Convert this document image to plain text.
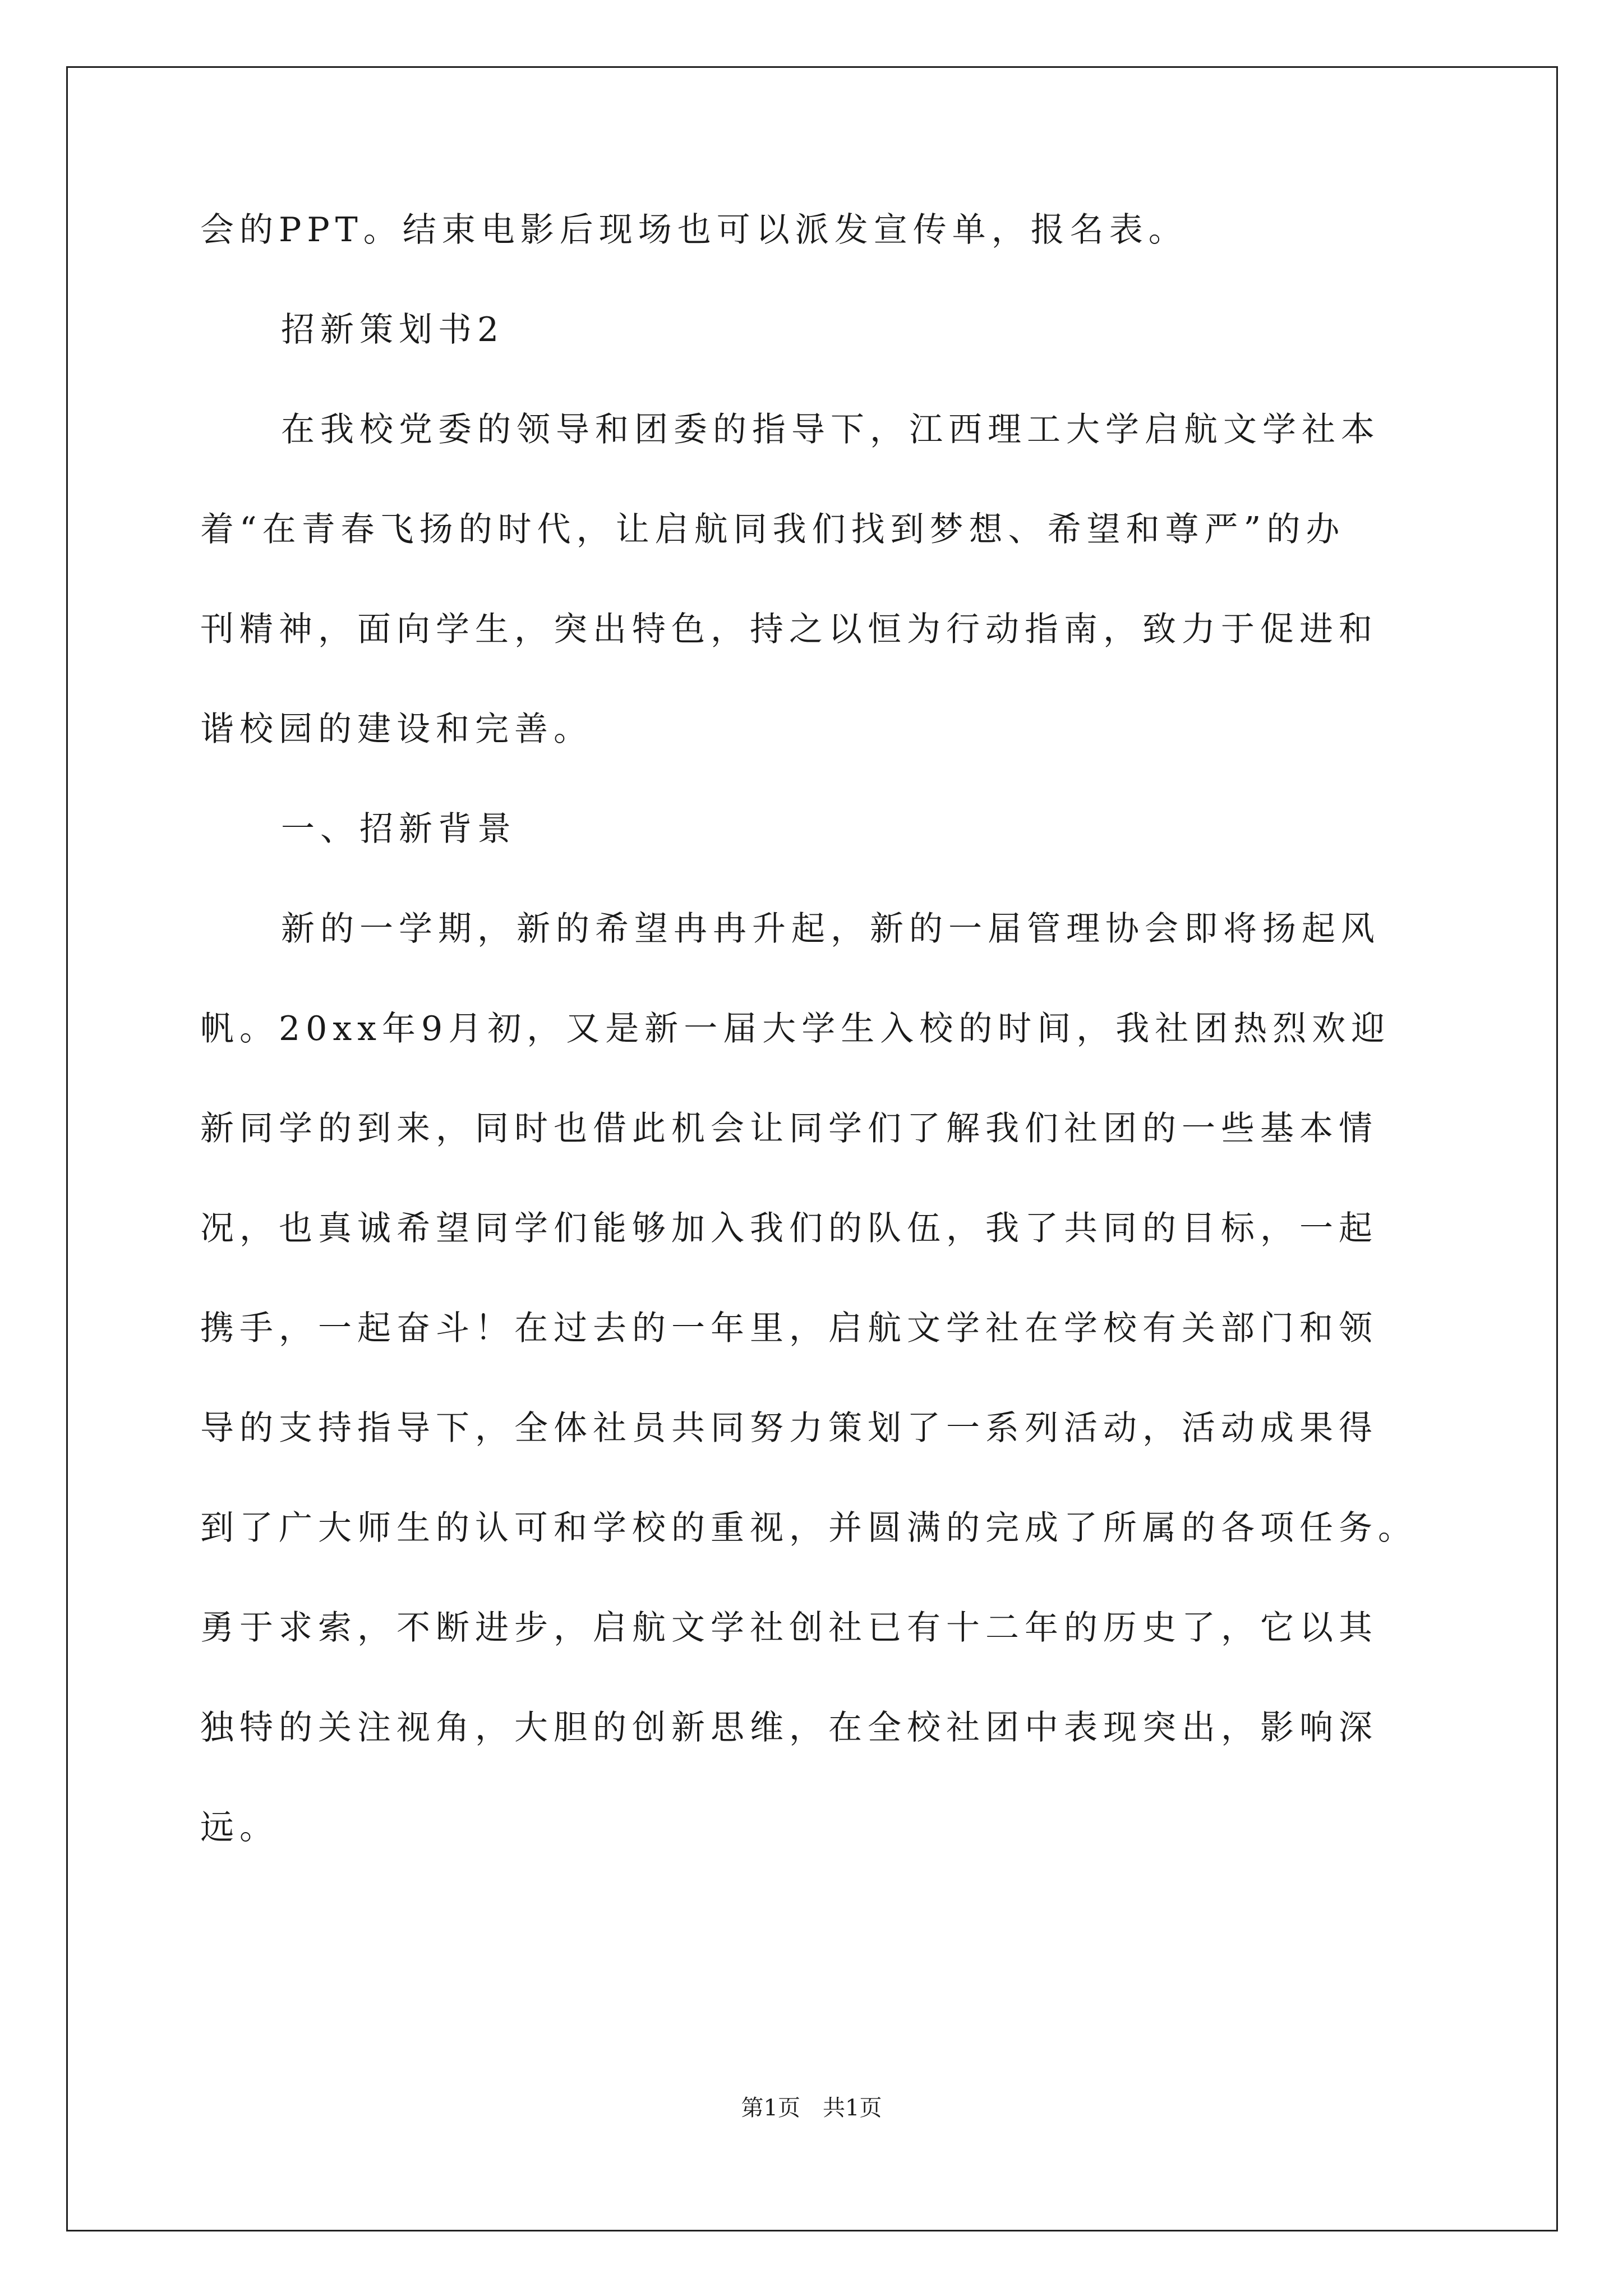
会的PPT。结束电影后现场也可以派发宣传单，报名表。
招新策划书2
在我校党委的领导和团委的指导下，江西理工大学启航文学社本
着“在青春飞扬的时代，让启航同我们找到梦想、希望和尊严”的办
刊精神，面向学生，突出特色，持之以恒为行动指南，致力于促进和
谐校园的建设和完善。
一、招新背景
新的一学期，新的希望冉冉升起，新的一届管理协会即将扬起风
帆。20xx年9月初，又是新一届大学生入校的时间，我社团热烈欢迎
新同学的到来，同时也借此机会让同学们了解我们社团的一些基本情
况，也真诚希望同学们能够加入我们的队伍，我了共同的目标，一起
携手，一起奋斗！在过去的一年里，启航文学社在学校有关部门和领
导的支持指导下，全体社员共同努力策划了一系列活动，活动成果得
到了广大师生的认可和学校的重视，并圆满的完成了所属的各项任务。
勇于求索，不断进步，启航文学社创社已有十二年的历史了，它以其
独特的关注视角，大胆的创新思维，在全校社团中表现突出，影响深
远。
第1页 共1页
